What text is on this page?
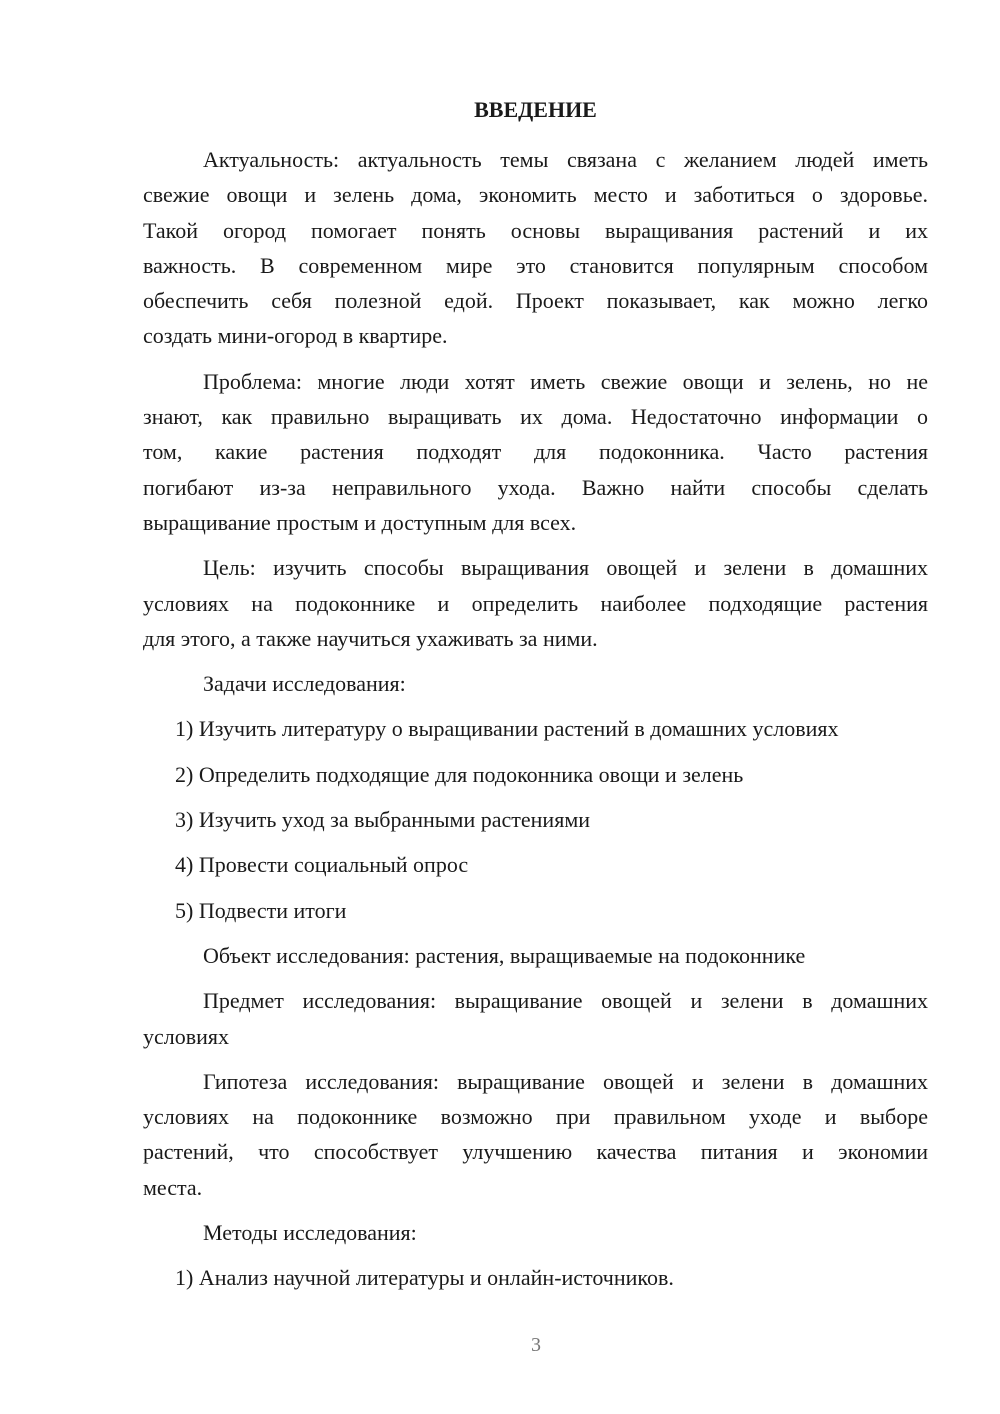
ВВЕДЕНИЕ
Актуальность: актуальность темы связана с желанием людей иметь
свежие овощи и зелень дома, экономить место и заботиться о здоровье.
Такой огород помогает понять основы выращивания растений и их
важность. В современном мире это становится популярным способом
обеспечить себя полезной едой. Проект показывает, как можно легко
создать мини-огород в квартире.
Проблема: многие люди хотят иметь свежие овощи и зелень, но не
знают, как правильно выращивать их дома. Недостаточно информации о
том, какие растения подходят для подоконника. Часто растения
погибают из-за неправильного ухода. Важно найти способы сделать
выращивание простым и доступным для всех.
Цель: изучить способы выращивания овощей и зелени в домашних
условиях на подоконнике и определить наиболее подходящие растения
для этого, а также научиться ухаживать за ними.
Задачи исследования:
1) Изучить литературу о выращивании растений в домашних условиях
2) Определить подходящие для подоконника овощи и зелень
3) Изучить уход за выбранными растениями
4) Провести социальный опрос
5) Подвести итоги
Объект исследования: растения, выращиваемые на подоконнике
Предмет исследования: выращивание овощей и зелени в домашних
условиях
Гипотеза исследования: выращивание овощей и зелени в домашних
условиях на подоконнике возможно при правильном уходе и выборе
растений, что способствует улучшению качества питания и экономии
места.
Методы исследования:
1) Анализ научной литературы и онлайн-источников.
3
